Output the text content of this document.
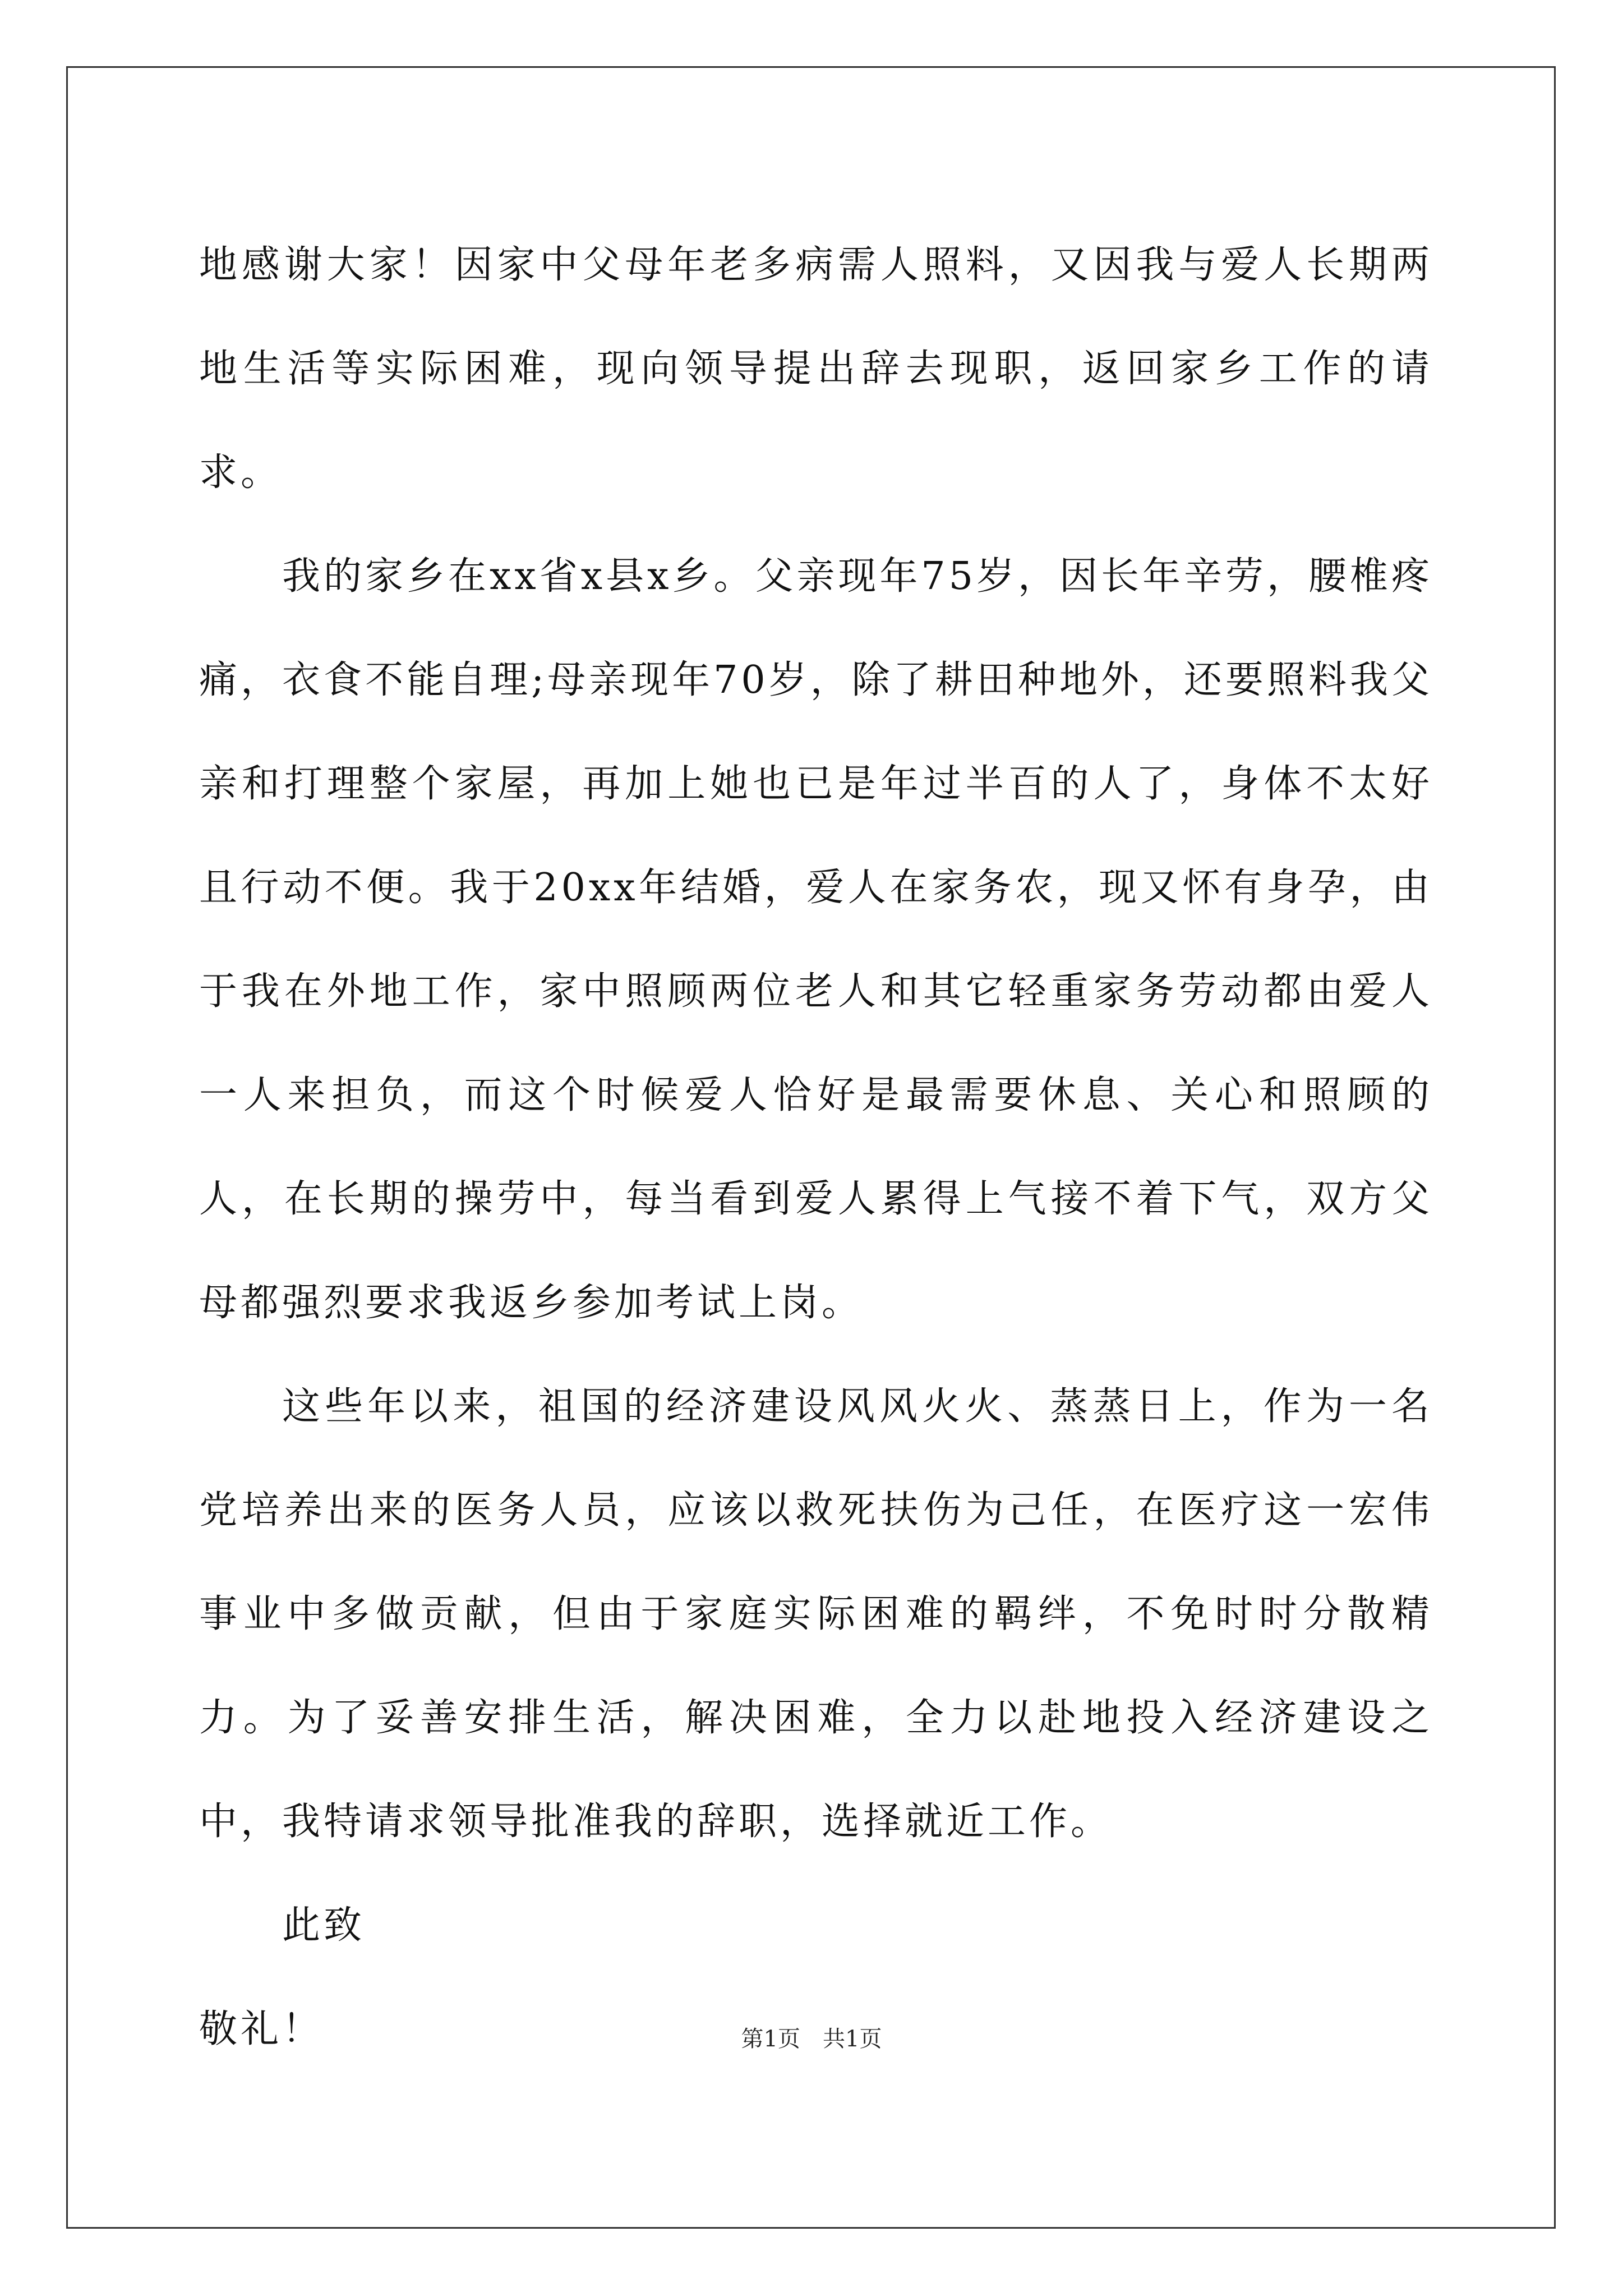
地感谢大家！因家中父母年老多病需人照料，又因我与爱人长期两地生活等实际困难，现向领导提出辞去现职，返回家乡工作的请求。

我的家乡在xx省x县x乡。父亲现年75岁，因长年辛劳，腰椎疼痛，衣食不能自理;母亲现年70岁，除了耕田种地外，还要照料我父亲和打理整个家屋，再加上她也已是年过半百的人了，身体不太好且行动不便。我于20xx年结婚，爱人在家务农，现又怀有身孕，由于我在外地工作，家中照顾两位老人和其它轻重家务劳动都由爱人一人来担负，而这个时候爱人恰好是最需要休息、关心和照顾的人，在长期的操劳中，每当看到爱人累得上气接不着下气，双方父母都强烈要求我返乡参加考试上岗。

这些年以来，祖国的经济建设风风火火、蒸蒸日上，作为一名党培养出来的医务人员，应该以救死扶伤为己任，在医疗这一宏伟事业中多做贡献，但由于家庭实际困难的羁绊，不免时时分散精力。为了妥善安排生活，解决困难，全力以赴地投入经济建设之中，我特请求领导批准我的辞职，选择就近工作。

此致

敬礼！	第1页　共1页
